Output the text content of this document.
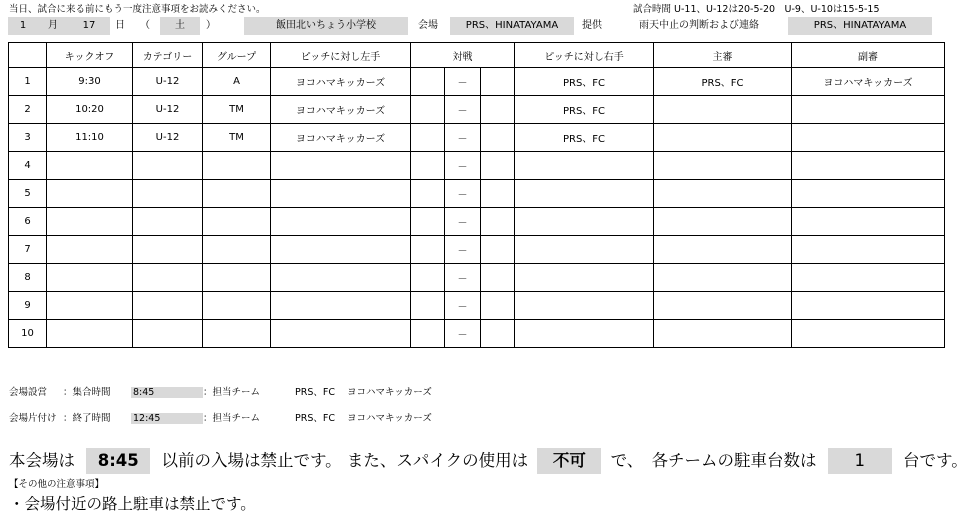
当日、試合に来る前にもう一度注意事項をお読みください。	試合時間 U-11、U-12は20-5-20　U-9、U-10は15-5-15
1	月	17	日	（	土	）	飯田北いちょう小学校	会場	PRS、HINATAYAMA	提供	雨天中止の判断および連絡	PRS、HINATAYAMA
	キックオフ	カテゴリー	グループ	ピッチに対し左手	対戦			ピッチに対し右手	主審	副審
1	9:30	U-12	A	ヨコハマキッカーズ		－		PRS、FC	PRS、FC	ヨコハマキッカーズ
2	10:20	U-12	TM	ヨコハマキッカーズ		－		PRS、FC		
3	11:10	U-12	TM	ヨコハマキッカーズ		－		PRS、FC		
4						－				
5						－				
6						－				
7						－				
8						－				
9						－				
10						－				
会場設営 ：集合時間 8:45	：担当チーム	PRS、FC ヨコハマキッカーズ
会場片付け ：終了時間 12:45	：担当チーム	PRS、FC ヨコハマキッカーズ
本会場は 8:45 以前の入場は禁止です。 また、スパイクの使用は 不可 で、　各チームの駐車台数は 1 台です。
【その他の注意事項】
・会場付近の路上駐車は禁止です。
